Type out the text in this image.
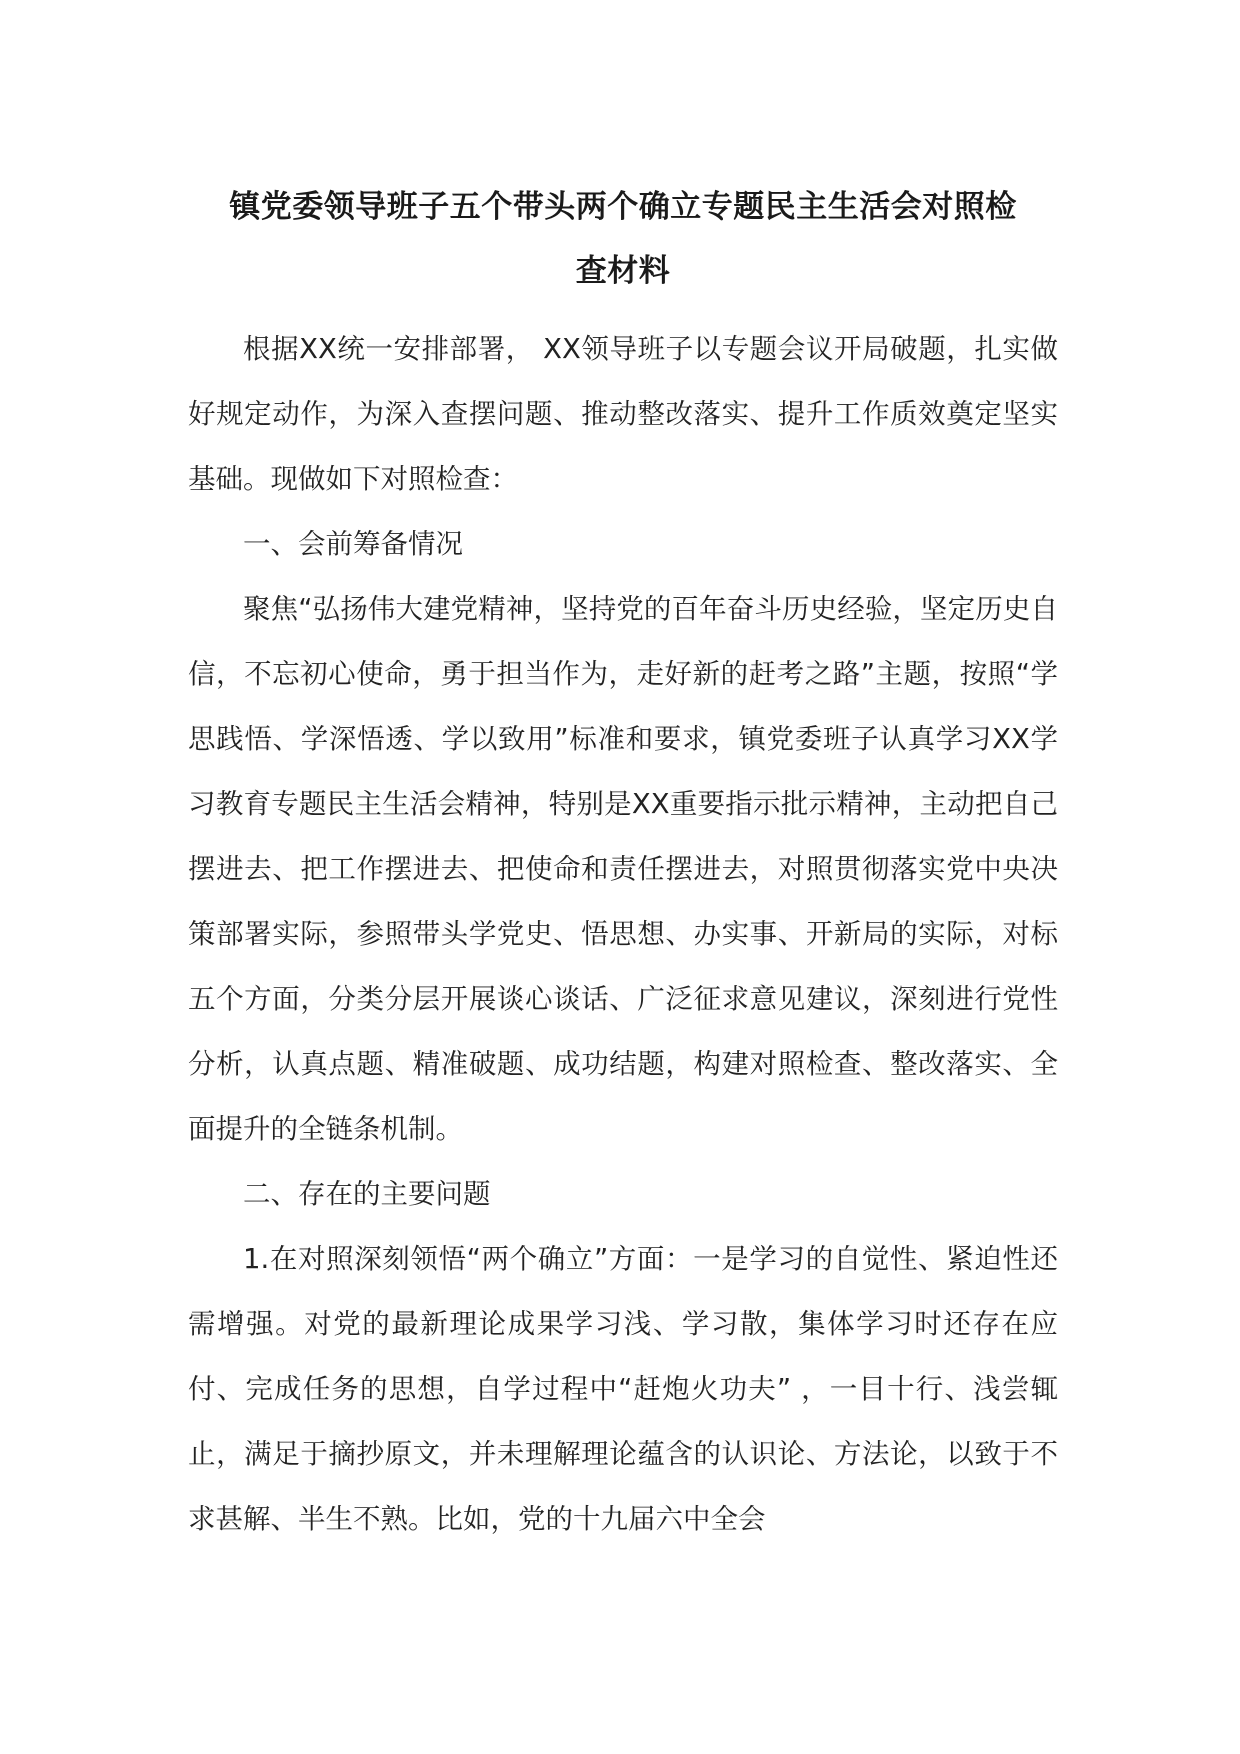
镇党委领导班子五个带头两个确立专题民主生活会对照检
查材料

根据XX统一安排部署， XX领导班子以专题会议开局破题，扎实做好规定动作，为深入查摆问题、推动整改落实、提升工作质效奠定坚实基础。现做如下对照检查：

一、会前筹备情况

聚焦“弘扬伟大建党精神，坚持党的百年奋斗历史经验，坚定历史自信，不忘初心使命，勇于担当作为，走好新的赶考之路”主题，按照“学思践悟、学深悟透、学以致用”标准和要求，镇党委班子认真学习XX学习教育专题民主生活会精神，特别是XX重要指示批示精神，主动把自己摆进去、把工作摆进去、把使命和责任摆进去，对照贯彻落实党中央决策部署实际，参照带头学党史、悟思想、办实事、开新局的实际，对标五个方面，分类分层开展谈心谈话、广泛征求意见建议，深刻进行党性分析，认真点题、精准破题、成功结题，构建对照检查、整改落实、全面提升的全链条机制。

二、存在的主要问题

1.在对照深刻领悟“两个确立”方面：一是学习的自觉性、紧迫性还需增强。对党的最新理论成果学习浅、学习散，集体学习时还存在应付、完成任务的思想，自学过程中“赶炮火功夫” ，一目十行、浅尝辄止，满足于摘抄原文，并未理解理论蕴含的认识论、方法论，以致于不求甚解、半生不熟。比如，党的十九届六中全会
